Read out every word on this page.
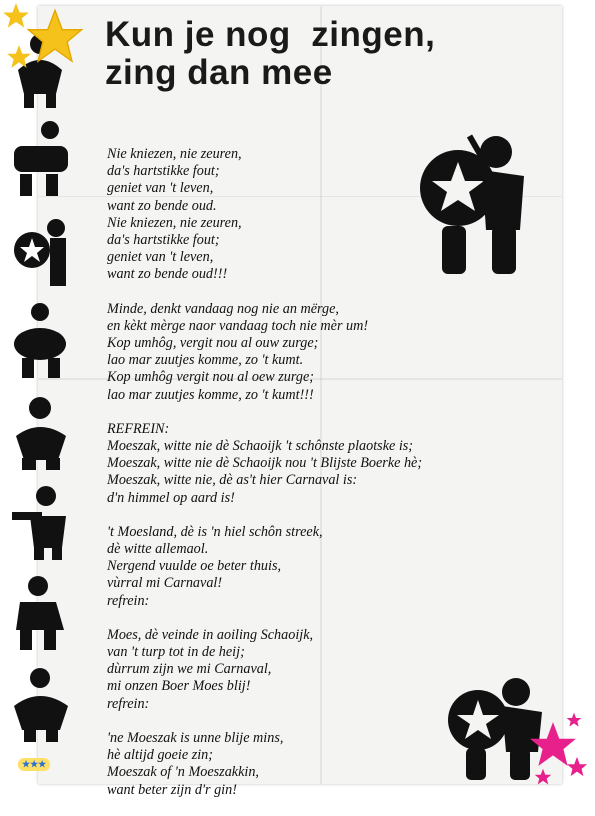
Kun je nog  zingen,
zing dan mee
Nie kniezen, nie zeuren,
da's hartstikke fout;
geniet van 't leven,
want zo bende oud.
Nie kniezen, nie zeuren,
da's hartstikke fout;
geniet van 't leven,
want zo bende oud!!!
Minde, denkt vandaag nog nie an mërge,
en kèkt mèrge naor vandaag toch nie mèr um!
Kop umhôg, vergit nou al ouw zurge;
lao mar zuutjes komme, zo 't kumt.
Kop umhôg vergit nou al oew zurge;
lao mar zuutjes komme, zo 't kumt!!!
REFREIN:
Moeszak, witte nie dè Schaoijk 't schônste plaotske is;
Moeszak, witte nie dè Schaoijk nou 't Blijste Boerke hè;
Moeszak, witte nie, dè as't hier Carnaval is:
d'n himmel op aard is!
't Moesland, dè is 'n hiel schôn streek,
dè witte allemaol.
Nergend vuulde oe beter thuis,
vùrral mi Carnaval!
refrein:
Moes, dè veinde in aoiling Schaoijk,
van 't turp tot in de heij;
dùrrum zijn we mi Carnaval,
mi onzen Boer Moes blij!
refrein:
'ne Moeszak is unne blije mins,
hè altijd goeie zin;
Moeszak of 'n Moeszakkin,
want beter zijn d'r gin!
★★★
